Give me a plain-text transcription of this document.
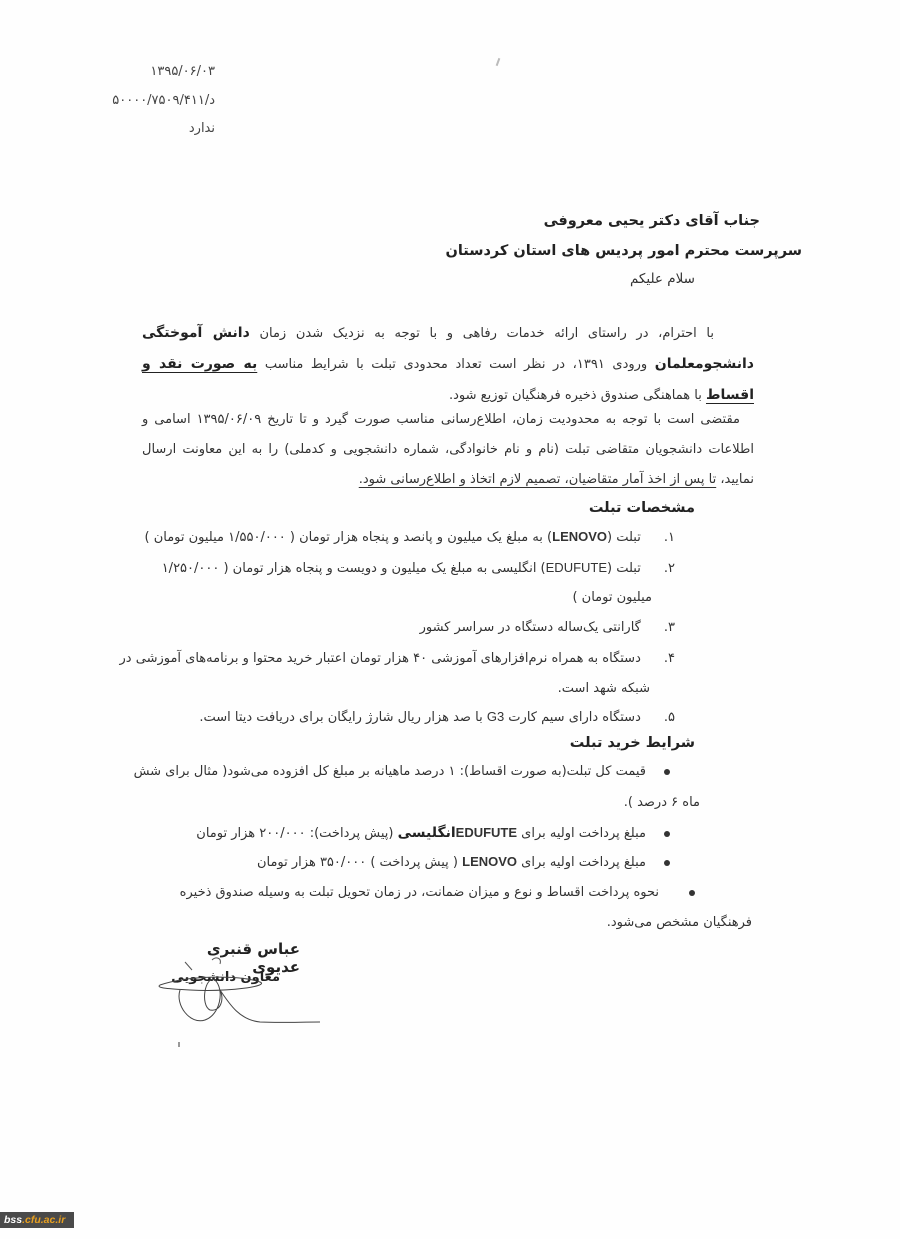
۱۳۹۵/۰۶/۰۳
د/۵۰۰۰۰/۷۵۰۹/۴۱۱
ندارد
جناب آقای دکتر یحیی معروفی
سرپرست محترم امور پردیس های استان کردستان
سلام علیکم
با احترام، در راستای ارائه خدمات رفاهی و با توجه به نزدیک شدن زمان دانش آموختگی دانشجومعلمان ورودی ۱۳۹۱، در نظر است تعداد محدودی تبلت با شرایط مناسب به صورت نقد و اقساط با هماهنگی صندوق ذخیره فرهنگیان توزیع شود.
مقتضی است با توجه به محدودیت زمان، اطلاع‌رسانی مناسب صورت گیرد و تا تاریخ ۱۳۹۵/۰۶/۰۹ اسامی و اطلاعات دانشجویان متقاضی تبلت (نام و نام خانوادگی، شماره دانشجویی و کدملی) را به این معاونت ارسال نمایید، تا پس از اخذ آمار متقاضیان، تصمیم لازم اتخاذ و اطلاع‌رسانی شود.
مشخصات تبلت
۱. تبلت (LENOVO) به مبلغ یک میلیون و پانصد و پنجاه هزار تومان ( ۱/۵۵۰/۰۰۰ میلیون تومان )
۲. تبلت (EDUFUTE) انگلیسی به مبلغ یک میلیون و دویست و پنجاه هزار تومان ( ۱/۲۵۰/۰۰۰
میلیون تومان )
۳. گارانتی یک‌ساله دستگاه در سراسر کشور
۴. دستگاه به همراه نرم‌افزارهای آموزشی ۴۰ هزار تومان اعتبار خرید محتوا و برنامه‌های آموزشی در
شبکه شهد است.
۵. دستگاه دارای سیم کارت G3 با صد هزار ریال شارژ رایگان برای دریافت دیتا است.
شرایط خرید تبلت
قیمت کل تبلت(به صورت اقساط): ۱ درصد ماهیانه بر مبلغ کل افزوده می‌شود( مثال برای شش
ماه ۶ درصد ).
مبلغ پرداخت اولیه برای EDUFUTEانگلیسی (پیش پرداخت): ۲۰۰/۰۰۰ هزار تومان
مبلغ پرداخت اولیه برای LENOVO ( پیش پرداخت ) ۳۵۰/۰۰۰ هزار تومان
نحوه پرداخت اقساط و نوع و میزان ضمانت، در زمان تحویل تبلت به وسیله صندوق ذخیره
فرهنگیان مشخص می‌شود.
عباس قنبری عدیوی
معاون دانشجویی
bss.cfu.ac.ir
